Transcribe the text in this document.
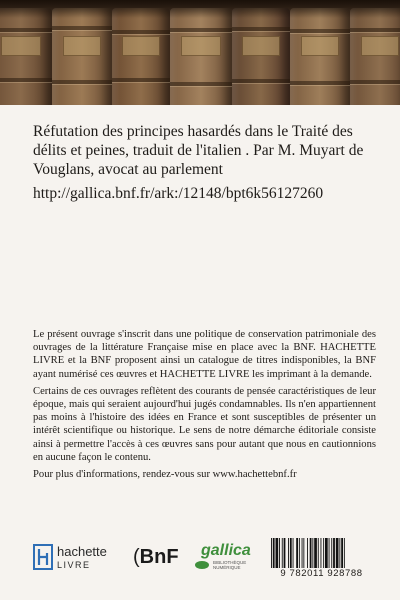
Réfutation des principes hasardés dans le Traité des délits et peines, traduit de l'italien . Par M. Muyart de Vouglans, avocat au parlement
http://gallica.bnf.fr/ark:/12148/bpt6k56127260

Le présent ouvrage s'inscrit dans une politique de conservation patrimoniale des ouvrages de la littérature Française mise en place avec la BNF. HACHETTE LIVRE et la BNF proposent ainsi un catalogue de titres indisponibles, la BNF ayant numérisé ces œuvres et HACHETTE LIVRE les imprimant à la demande.

Certains de ces ouvrages reflètent des courants de pensée caractéristiques de leur époque, mais qui seraient aujourd'hui jugés condamnables. Ils n'en appartiennent pas moins à l'histoire des idées en France et sont susceptibles de présenter un intérêt scientifique ou historique. Le sens de notre démarche éditoriale consiste ainsi à permettre l'accès à ces œuvres sans pour autant que nous en cautionnions en aucune façon le contenu.

Pour plus d'informations, rendez-vous sur www.hachettebnf.fr

hachette
LIVRE (BnF gallica
BIBLIOTHÈQUE NUMÉRIQUE
9 782011 928788
